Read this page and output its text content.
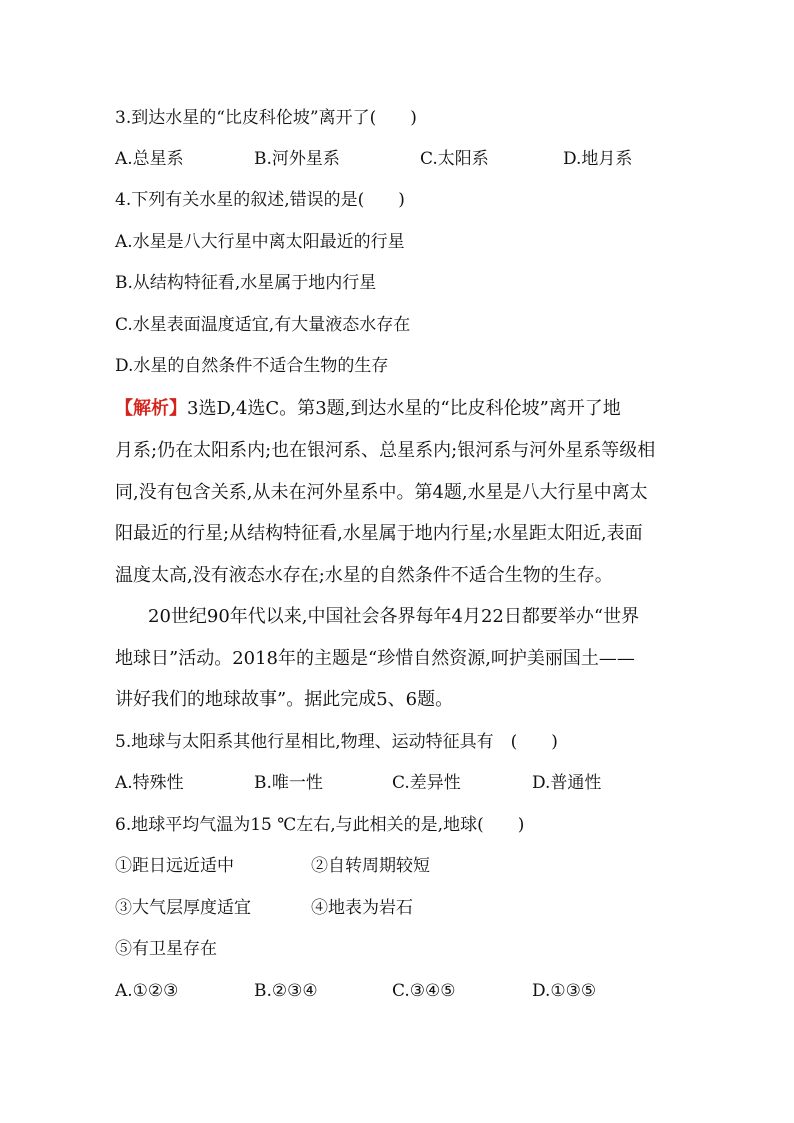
3.到达水星的“比皮科伦坡”离开了(　　)
A.总星系	B.河外星系	C.太阳系	D.地月系
4.下列有关水星的叙述,错误的是(　　)
A.水星是八大行星中离太阳最近的行星
B.从结构特征看,水星属于地内行星
C.水星表面温度适宜,有大量液态水存在
D.水星的自然条件不适合生物的生存
【解析】3选D,4选C。第3题,到达水星的“比皮科伦坡”离开了地
月系;仍在太阳系内;也在银河系、总星系内;银河系与河外星系等级相
同,没有包含关系,从未在河外星系中。第4题,水星是八大行星中离太
阳最近的行星;从结构特征看,水星属于地内行星;水星距太阳近,表面
温度太高,没有液态水存在;水星的自然条件不适合生物的生存。
20世纪90年代以来,中国社会各界每年4月22日都要举办“世界
地球日”活动。2018年的主题是“珍惜自然资源,呵护美丽国土——
讲好我们的地球故事”。据此完成5、6题。
5.地球与太阳系其他行星相比,物理、运动特征具有　(　　)
A.特殊性	B.唯一性	C.差异性	D.普通性
6.地球平均气温为15 ℃左右,与此相关的是,地球(　　)
①距日远近适中	②自转周期较短
③大气层厚度适宜	④地表为岩石
⑤有卫星存在
A.①②③	B.②③④	C.③④⑤	D.①③⑤
